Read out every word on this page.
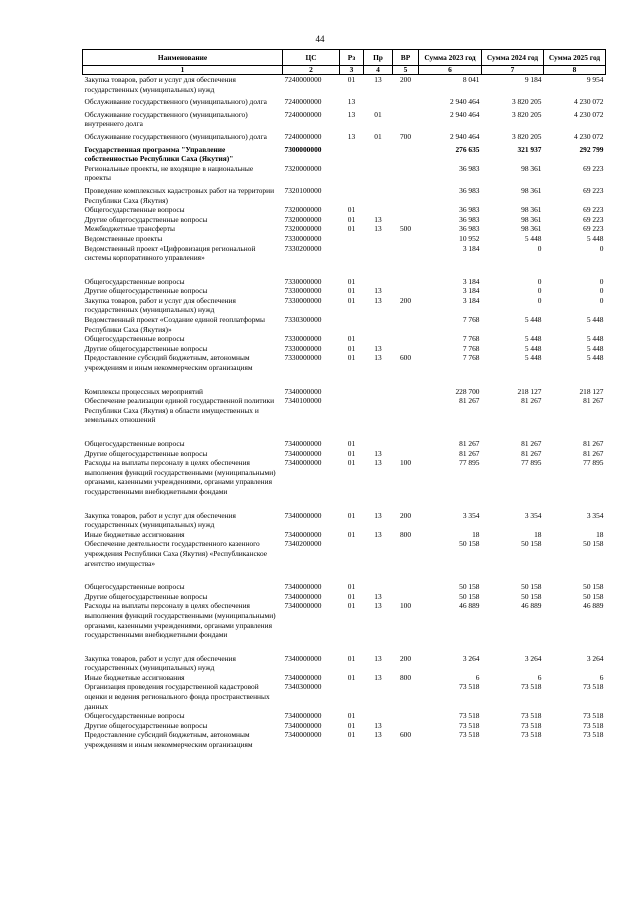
44
Наименование	ЦС	Рз	Пр	ВР	Сумма 2023 год	Сумма 2024 год	Сумма 2025 год
1	2	3	4	5	6	7	8
Закупка товаров, работ и услуг для обеспечения государственных (муниципальных) нужд	7240000000	01	13	200	8 041	9 184	9 954
Обслуживание государственного (муниципального) долга	7240000000	13			2 940 464	3 820 205	4 230 072
Обслуживание государственного (муниципального) внутреннего долга	7240000000	13	01		2 940 464	3 820 205	4 230 072
Обслуживание государственного (муниципального) долга	7240000000	13	01	700	2 940 464	3 820 205	4 230 072
Государственная программа "Управление собственностью Республики Саха (Якутия)"	7300000000				276 635	321 937	292 799
Региональные проекты, не входящие в национальные проекты	7320000000				36 983	98 361	69 223
Проведение комплексных кадастровых работ на территории Республики Саха (Якутия)	7320100000				36 983	98 361	69 223
Общегосударственные вопросы	7320000000	01			36 983	98 361	69 223
Другие общегосударственные вопросы	7320000000	01	13		36 983	98 361	69 223
Межбюджетные трансферты	7320000000	01	13	500	36 983	98 361	69 223
Ведомственные проекты	7330000000				10 952	5 448	5 448
Ведомственный проект «Цифровизация региональной системы корпоративного управления»	7330200000				3 184	0	0
Общегосударственные вопросы	7330000000	01			3 184	0	0
Другие общегосударственные вопросы	7330000000	01	13		3 184	0	0
Закупка товаров, работ и услуг для обеспечения государственных (муниципальных) нужд	7330000000	01	13	200	3 184	0	0
Ведомственный проект «Создание единой геоплатформы Республики Саха (Якутия)»	7330300000				7 768	5 448	5 448
Общегосударственные вопросы	7330000000	01			7 768	5 448	5 448
Другие общегосударственные вопросы	7330000000	01	13		7 768	5 448	5 448
Предоставление субсидий бюджетным, автономным учреждениям и иным некоммерческим организациям	7330000000	01	13	600	7 768	5 448	5 448
Комплексы процессных мероприятий	7340000000				228 700	218 127	218 127
Обеспечение реализации единой государственной политики Республики Саха (Якутия) в области имущественных и земельных отношений	7340100000				81 267	81 267	81 267
Общегосударственные вопросы	7340000000	01			81 267	81 267	81 267
Другие общегосударственные вопросы	7340000000	01	13		81 267	81 267	81 267
Расходы на выплаты персоналу в целях обеспечения выполнения функций государственными (муниципальными) органами, казенными учреждениями, органами управления государственными внебюджетными фондами	7340000000	01	13	100	77 895	77 895	77 895
Закупка товаров, работ и услуг для обеспечения государственных (муниципальных) нужд	7340000000	01	13	200	3 354	3 354	3 354
Иные бюджетные ассигнования	7340000000	01	13	800	18	18	18
Обеспечение деятельности государственного казенного учреждения Республики Саха (Якутия) «Республиканское агентство имущества»	7340200000				50 158	50 158	50 158
Общегосударственные вопросы	7340000000	01			50 158	50 158	50 158
Другие общегосударственные вопросы	7340000000	01	13		50 158	50 158	50 158
Расходы на выплаты персоналу в целях обеспечения выполнения функций государственными (муниципальными) органами, казенными учреждениями, органами управления государственными внебюджетными фондами	7340000000	01	13	100	46 889	46 889	46 889
Закупка товаров, работ и услуг для обеспечения государственных (муниципальных) нужд	7340000000	01	13	200	3 264	3 264	3 264
Иные бюджетные ассигнования	7340000000	01	13	800	6	6	6
Организация проведения государственной кадастровой оценки и ведения регионального фонда пространственных данных	7340300000				73 518	73 518	73 518
Общегосударственные вопросы	7340000000	01			73 518	73 518	73 518
Другие общегосударственные вопросы	7340000000	01	13		73 518	73 518	73 518
Предоставление субсидий бюджетным, автономным учреждениям и иным некоммерческим организациям	7340000000	01	13	600	73 518	73 518	73 518
